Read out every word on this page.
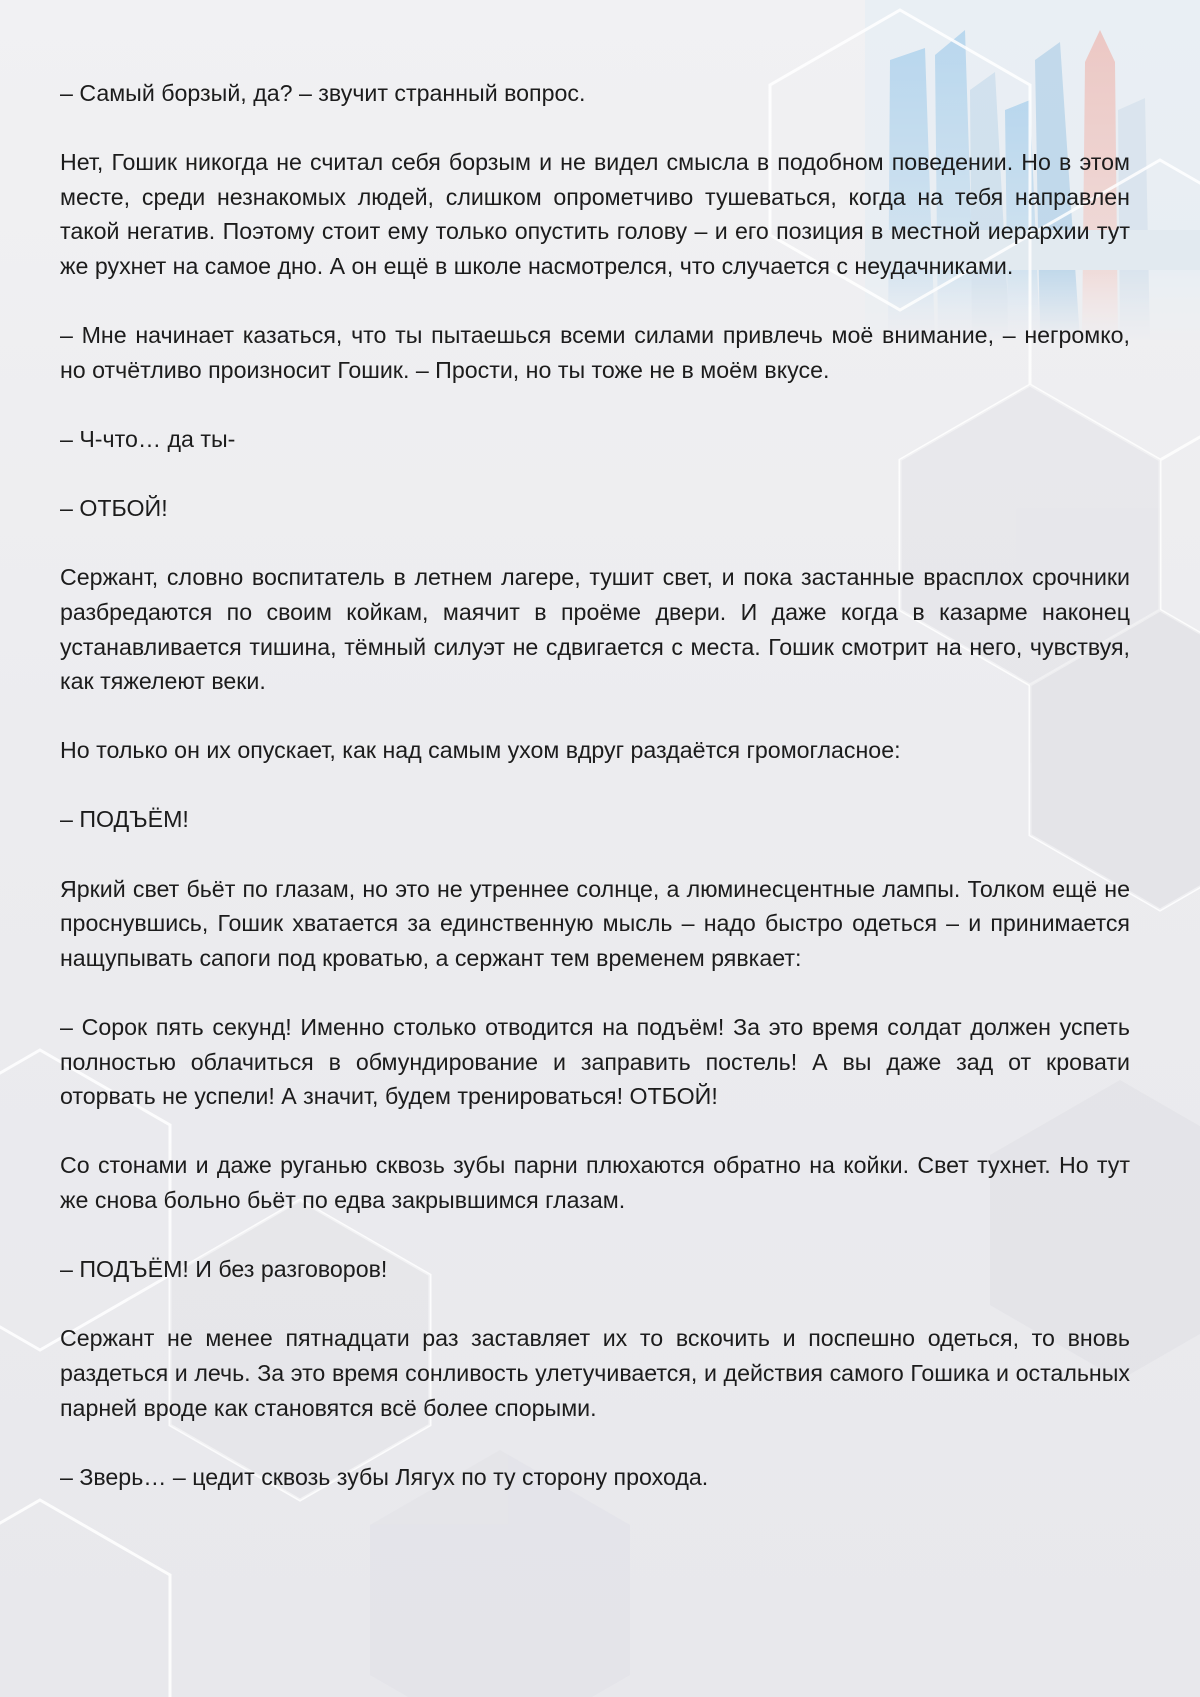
– Самый борзый, да? – звучит странный вопрос.

Нет, Гошик никогда не считал себя борзым и не видел смысла в подобном поведении. Но в этом месте, среди незнакомых людей, слишком опрометчиво тушеваться, когда на тебя направлен такой негатив. Поэтому стоит ему только опустить голову – и его позиция в местной иерархии тут же рухнет на самое дно. А он ещё в школе насмотрелся, что случается с неудачниками.

– Мне начинает казаться, что ты пытаешься всеми силами привлечь моё внимание, – негромко, но отчётливо произносит Гошик. – Прости, но ты тоже не в моём вкусе.

– Ч-что… да ты-

– ОТБОЙ!

Сержант, словно воспитатель в летнем лагере, тушит свет, и пока застанные врасплох срочники разбредаются по своим койкам, маячит в проёме двери. И даже когда в казарме наконец устанавливается тишина, тёмный силуэт не сдвигается с места. Гошик смотрит на него, чувствуя, как тяжелеют веки.

Но только он их опускает, как над самым ухом вдруг раздаётся громогласное:

– ПОДЪЁМ!

Яркий свет бьёт по глазам, но это не утреннее солнце, а люминесцентные лампы. Толком ещё не проснувшись, Гошик хватается за единственную мысль – надо быстро одеться – и принимается нащупывать сапоги под кроватью, а сержант тем временем рявкает:

– Сорок пять секунд! Именно столько отводится на подъём! За это время солдат должен успеть полностью облачиться в обмундирование и заправить постель! А вы даже зад от кровати оторвать не успели! А значит, будем тренироваться! ОТБОЙ!

Со стонами и даже руганью сквозь зубы парни плюхаются обратно на койки. Свет тухнет. Но тут же снова больно бьёт по едва закрывшимся глазам.

– ПОДЪЁМ! И без разговоров!

Сержант не менее пятнадцати раз заставляет их то вскочить и поспешно одеться, то вновь раздеться и лечь. За это время сонливость улетучивается, и действия самого Гошика и остальных парней вроде как становятся всё более спорыми.

– Зверь… – цедит сквозь зубы Лягух по ту сторону прохода.
